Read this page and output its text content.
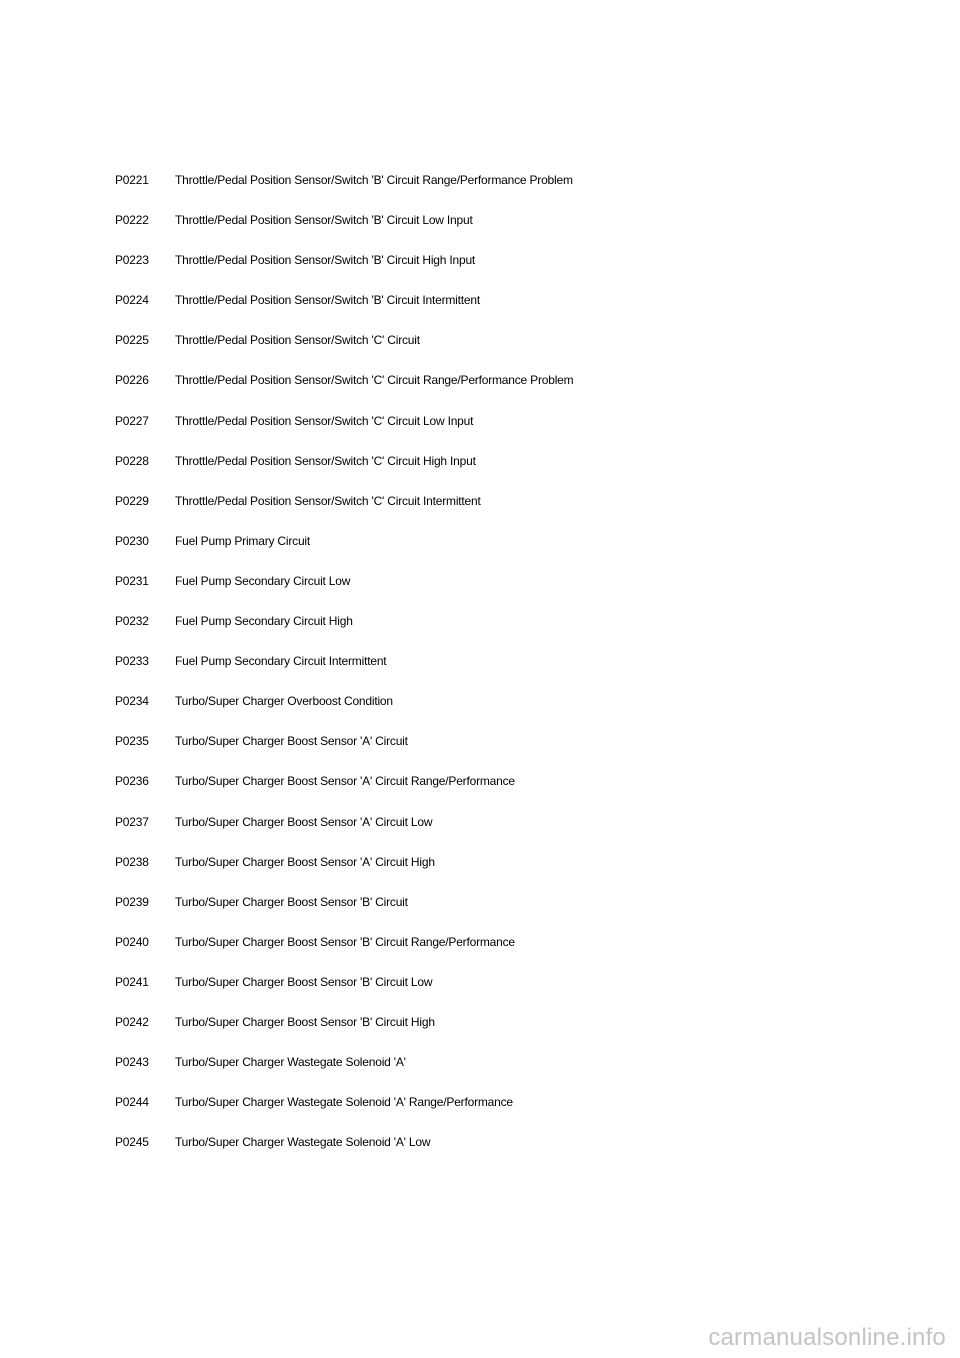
P0221	Throttle/Pedal Position Sensor/Switch 'B' Circuit Range/Performance Problem
P0222	Throttle/Pedal Position Sensor/Switch 'B' Circuit Low Input
P0223	Throttle/Pedal Position Sensor/Switch 'B' Circuit High Input
P0224	Throttle/Pedal Position Sensor/Switch 'B' Circuit Intermittent
P0225	Throttle/Pedal Position Sensor/Switch 'C' Circuit
P0226	Throttle/Pedal Position Sensor/Switch 'C' Circuit Range/Performance Problem
P0227	Throttle/Pedal Position Sensor/Switch 'C' Circuit Low Input
P0228	Throttle/Pedal Position Sensor/Switch 'C' Circuit High Input
P0229	Throttle/Pedal Position Sensor/Switch 'C' Circuit Intermittent
P0230	Fuel Pump Primary Circuit
P0231	Fuel Pump Secondary Circuit Low
P0232	Fuel Pump Secondary Circuit High
P0233	Fuel Pump Secondary Circuit Intermittent
P0234	Turbo/Super Charger Overboost Condition
P0235	Turbo/Super Charger Boost Sensor 'A' Circuit
P0236	Turbo/Super Charger Boost Sensor 'A' Circuit Range/Performance
P0237	Turbo/Super Charger Boost Sensor 'A' Circuit Low
P0238	Turbo/Super Charger Boost Sensor 'A' Circuit High
P0239	Turbo/Super Charger Boost Sensor 'B' Circuit
P0240	Turbo/Super Charger Boost Sensor 'B' Circuit Range/Performance
P0241	Turbo/Super Charger Boost Sensor 'B' Circuit Low
P0242	Turbo/Super Charger Boost Sensor 'B' Circuit High
P0243	Turbo/Super Charger Wastegate Solenoid 'A'
P0244	Turbo/Super Charger Wastegate Solenoid 'A' Range/Performance
P0245	Turbo/Super Charger Wastegate Solenoid 'A' Low
carmanualsonline.info
